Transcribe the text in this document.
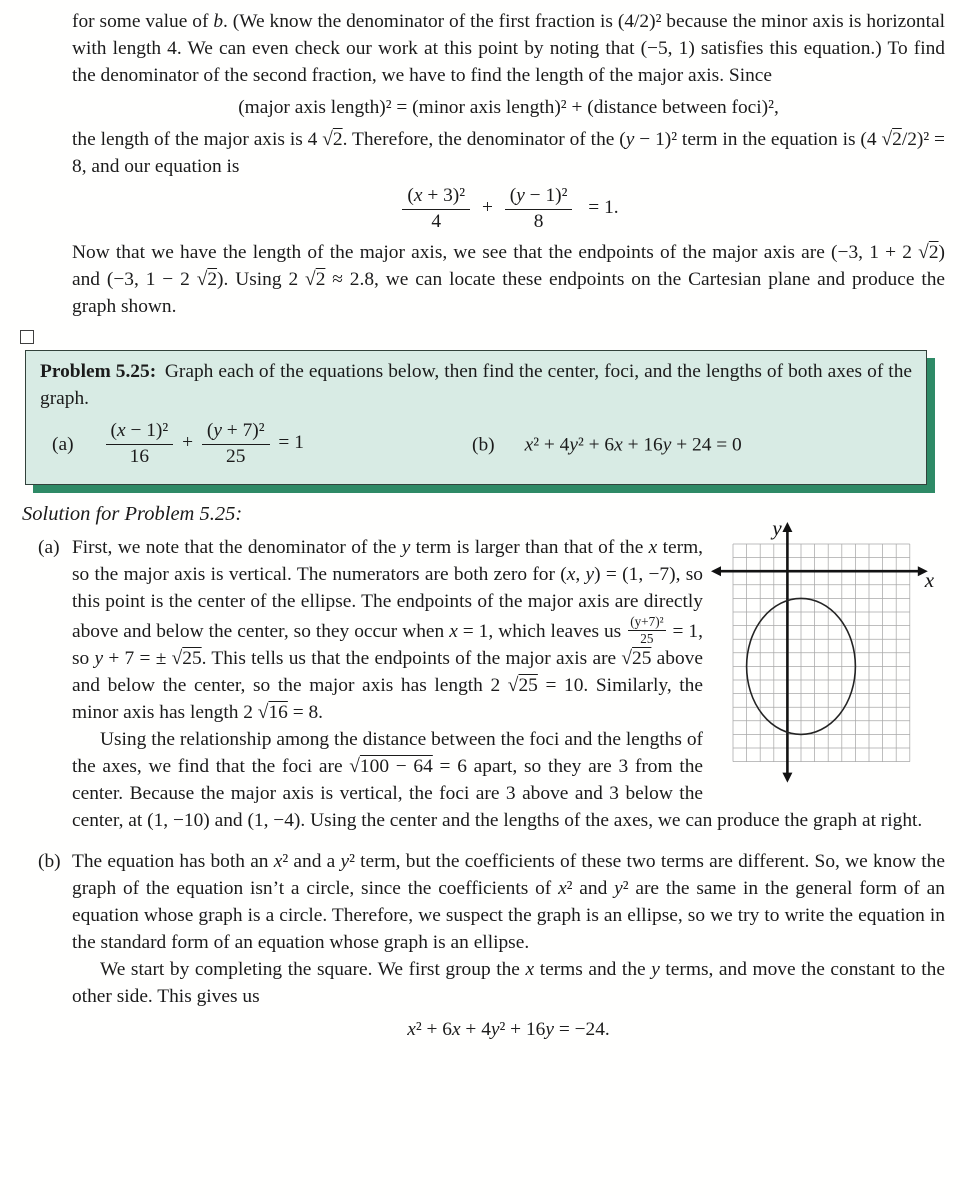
for some value of b. (We know the denominator of the first fraction is (4/2)² because the minor axis is horizontal with length 4. We can even check our work at this point by noting that (−5, 1) satisfies this equation.) To find the denominator of the second fraction, we have to find the length of the major axis. Since

(major axis length)² = (minor axis length)² + (distance between foci)²,

the length of the major axis is 4 √2. Therefore, the denominator of the (y − 1)² term in the equation is (4 √2/2)² = 8, and our equation is

$\frac{\text{(x + 3)²}}{4} + \frac{\text{(y − 1)²}}{8} = 1$.

Now that we have the length of the major axis, we see that the endpoints of the major axis are (−3, 1 + 2 √2) and (−3, 1 − 2 √2). Using 2 √2 ≈ 2.8, we can locate these endpoints on the Cartesian plane and produce the graph shown.

Problem 5.25: Graph each of the equations below, then find the center, foci, and the lengths of both axes of the graph.

$(a) \frac{\text{(x − 1)²}}{16} + \frac{\text{(y + 7)²}}{25} = 1$	(b) x² + 4y² + 6x + 16y + 24 = 0
Solution for Problem 5.25:
(a)
x
y

First, we note that the denominator of the y term is larger than that of the x term, so the major axis is vertical. The numerators are both zero for (x, y) = (1, −7), so this point is the center of the ellipse. The endpoints of the major axis are directly above and below the center, so they occur when x = 1, which leaves us $\frac{\text{(y+7)²}}{25} = 1$, so y + 7 = ± √25. This tells us that the endpoints of the major axis are √25 above and below the center, so the major axis has length 2 √25 = 10. Similarly, the minor axis has length 2 √16 = 8.

Using the relationship among the distance between the foci and the lengths of the axes, we find that the foci are √100 − 64 = 6 apart, so they are 3 from the center. Because the major axis is vertical, the foci are 3 above and 3 below the center, at (1, −10) and (1, −4). Using the center and the lengths of the axes, we can produce the graph at right.

(b) The equation has both an x² and a y² term, but the coefficients of these two terms are different. So, we know the graph of the equation isn’t a circle, since the coefficients of x² and y² are the same in the general form of an equation whose graph is a circle. Therefore, we suspect the graph is an ellipse, so we try to write the equation in the standard form of an equation whose graph is an ellipse.

We start by completing the square. We first group the x terms and the y terms, and move the constant to the other side. This gives us

x² + 6x + 4y² + 16y = −24.
